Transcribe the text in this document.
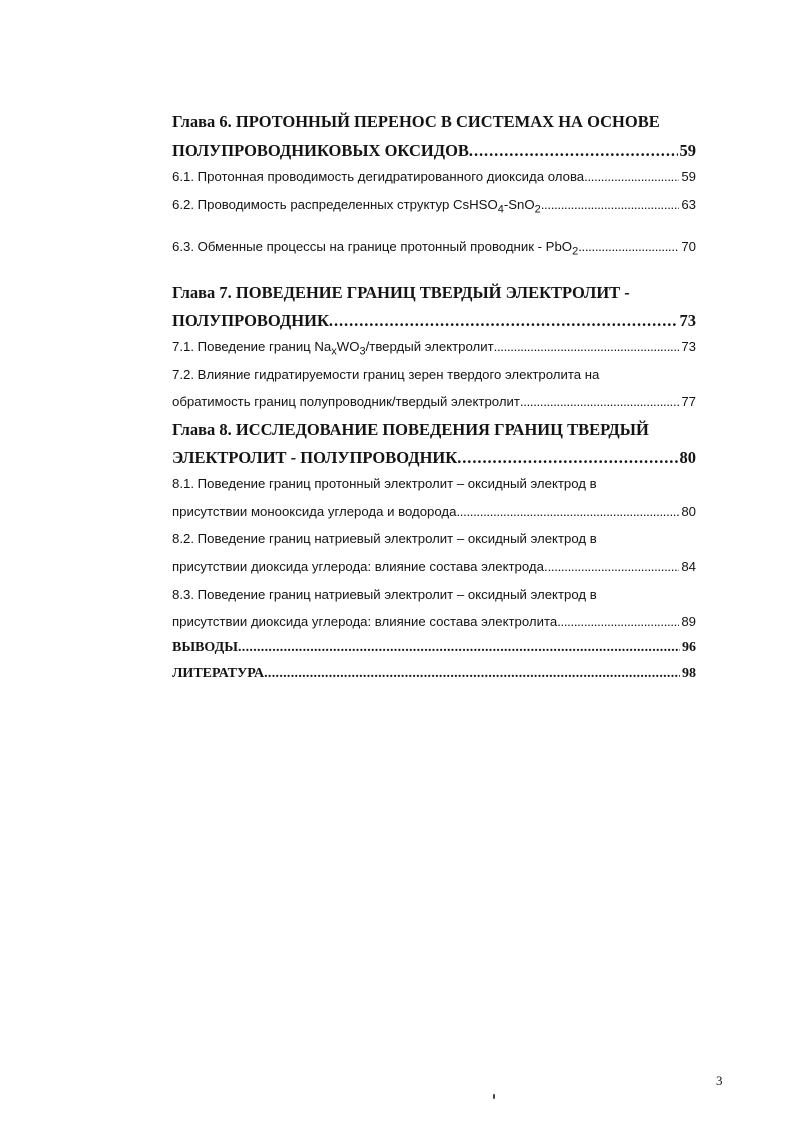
Глава 6. ПРОТОННЫЙ ПЕРЕНОС В СИСТЕМАХ НА ОСНОВЕ
ПОЛУПРОВОДНИКОВЫХ ОКСИДОВ . . .	59
6.1. Протонная проводимость дегидратированного диоксида олова . . .	59
6.2. Проводимость распределенных структур CsHSO$_4$-SnO$_2$ . . .	63
6.3. Обменные процессы на границе протонный проводник - PbO$_2$ . . .	70
Глава 7. ПОВЕДЕНИЕ ГРАНИЦ ТВЕРДЫЙ ЭЛЕКТРОЛИТ -
ПОЛУПРОВОДНИК . . .	73
7.1. Поведение границ $Na_xWO_3$/твердый электролит . . .	73
7.2. Влияние гидратируемости границ зерен твердого электролита на
обратимость границ полупроводник/твердый электролит . . .	77
Глава 8. ИССЛЕДОВАНИЕ ПОВЕДЕНИЯ ГРАНИЦ ТВЕРДЫЙ
ЭЛЕКТРОЛИТ - ПОЛУПРОВОДНИК . . .	80
8.1. Поведение границ протонный электролит – оксидный электрод в
присутствии монооксида углерода и водорода . . .	80
8.2. Поведение границ натриевый электролит – оксидный электрод в
присутствии диоксида углерода: влияние состава электрода. . . .	84
8.3. Поведение границ натриевый электролит – оксидный электрод в
присутствии диоксида углерода: влияние состава электролита . . .	89
ВЫВОДЫ . . .	96
ЛИТЕРАТУРА . . .	98
3
